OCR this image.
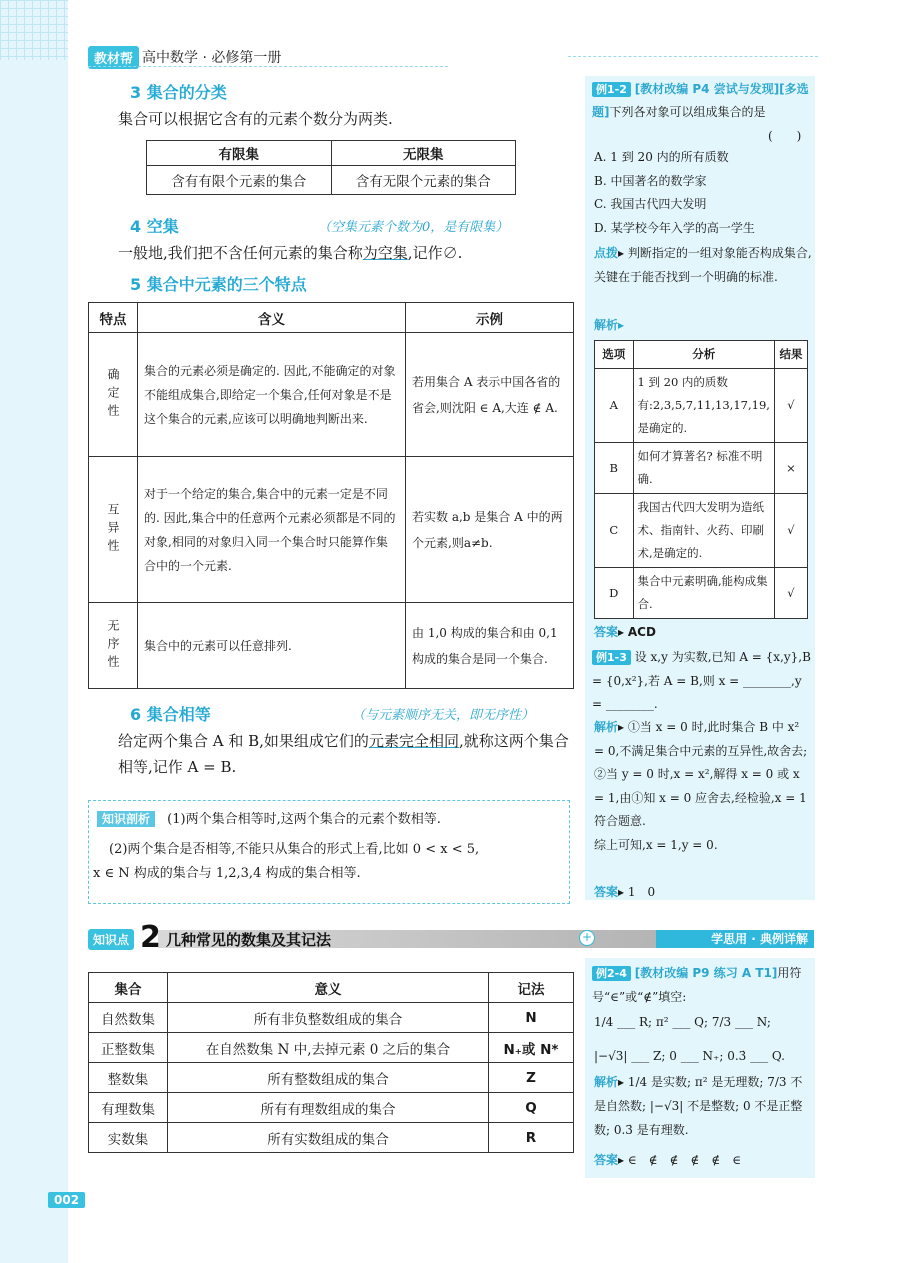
教材帮 高中数学 · 必修第一册
3 集合的分类
集合可以根据它含有的元素个数分为两类.
有限集	无限集
含有有限个元素的集合	含有无限个元素的集合
4 空集	（空集元素个数为0，是有限集）
一般地,我们把不含任何元素的集合称为空集,记作∅.
5 集合中元素的三个特点
特点	含义	示例
确定性	集合的元素必须是确定的. 因此,不能确定的对象不能组成集合,即给定一个集合,任何对象是不是这个集合的元素,应该可以明确地判断出来.	若用集合 A 表示中国各省的省会,则沈阳 ∈ A,大连 ∉ A.
互异性	对于一个给定的集合,集合中的元素一定是不同的. 因此,集合中的任意两个元素必须都是不同的对象,相同的对象归入同一个集合时只能算作集合中的一个元素.	若实数 a,b 是集合 A 中的两个元素,则a≠b.
无序性	集合中的元素可以任意排列.	由 1,0 构成的集合和由 0,1 构成的集合是同一个集合.
6 集合相等	（与元素顺序无关，即无序性）
给定两个集合 A 和 B,如果组成它们的元素完全相同,就称这两个集合相等,记作 A = B.
知识剖析 (1)两个集合相等时,这两个集合的元素个数相等.
(2)两个集合是否相等,不能只从集合的形式上看,比如 0 < x < 5,
x ∈ N 构成的集合与 1,2,3,4 构成的集合相等.
知识点 2 几种常见的数集及其记法	+	学思用 · 典例详解
集合	意义	记法
自然数集	所有非负整数组成的集合	N
正整数集	在自然数集 N 中,去掉元素 0 之后的集合	N₊或 N*
整数集	所有整数组成的集合	Z
有理数集	所有有理数组成的集合	Q
实数集	所有实数组成的集合	R
例1-2 [教材改编 P4 尝试与发现][多选题]下列各对象可以组成集合的是
(　　)
A. 1 到 20 内的所有质数
B. 中国著名的数学家
C. 我国古代四大发明
D. 某学校今年入学的高一学生
点拨▸ 判断指定的一组对象能否构成集合,关键在于能否找到一个明确的标准.
解析▸
选项	分析	结果
A	1 到 20 内的质数有:2,3,5,7,11,13,17,19,是确定的.	√
B	如何才算著名? 标准不明确.	×
C	我国古代四大发明为造纸术、指南针、火药、印刷术,是确定的.	√
D	集合中元素明确,能构成集合.	√
答案▸ ACD
例1-3 设 x,y 为实数,已知 A = {x,y},B = {0,x²},若 A = B,则 x = ________,y = ________.
解析▸ ①当 x = 0 时,此时集合 B 中 x² = 0,不满足集合中元素的互异性,故舍去;
②当 y = 0 时,x = x²,解得 x = 0 或 x = 1,由①知 x = 0 应舍去,经检验,x = 1 符合题意.
综上可知,x = 1,y = 0.
答案▸ 1　0
例2-4 [教材改编 P9 练习 A T1]用符号“∈”或“∉”填空:
1/4 ___ R; π² ___ Q; 7/3 ___ N;
|−√3| ___ Z; 0 ___ N₊; 0.3̇ ___ Q.
解析▸ 1/4 是实数; π² 是无理数; 7/3 不是自然数; |−√3| 不是整数; 0 不是正整数; 0.3̇ 是有理数.
答案▸ ∈　∉　∉　∉　∉　∈
002
